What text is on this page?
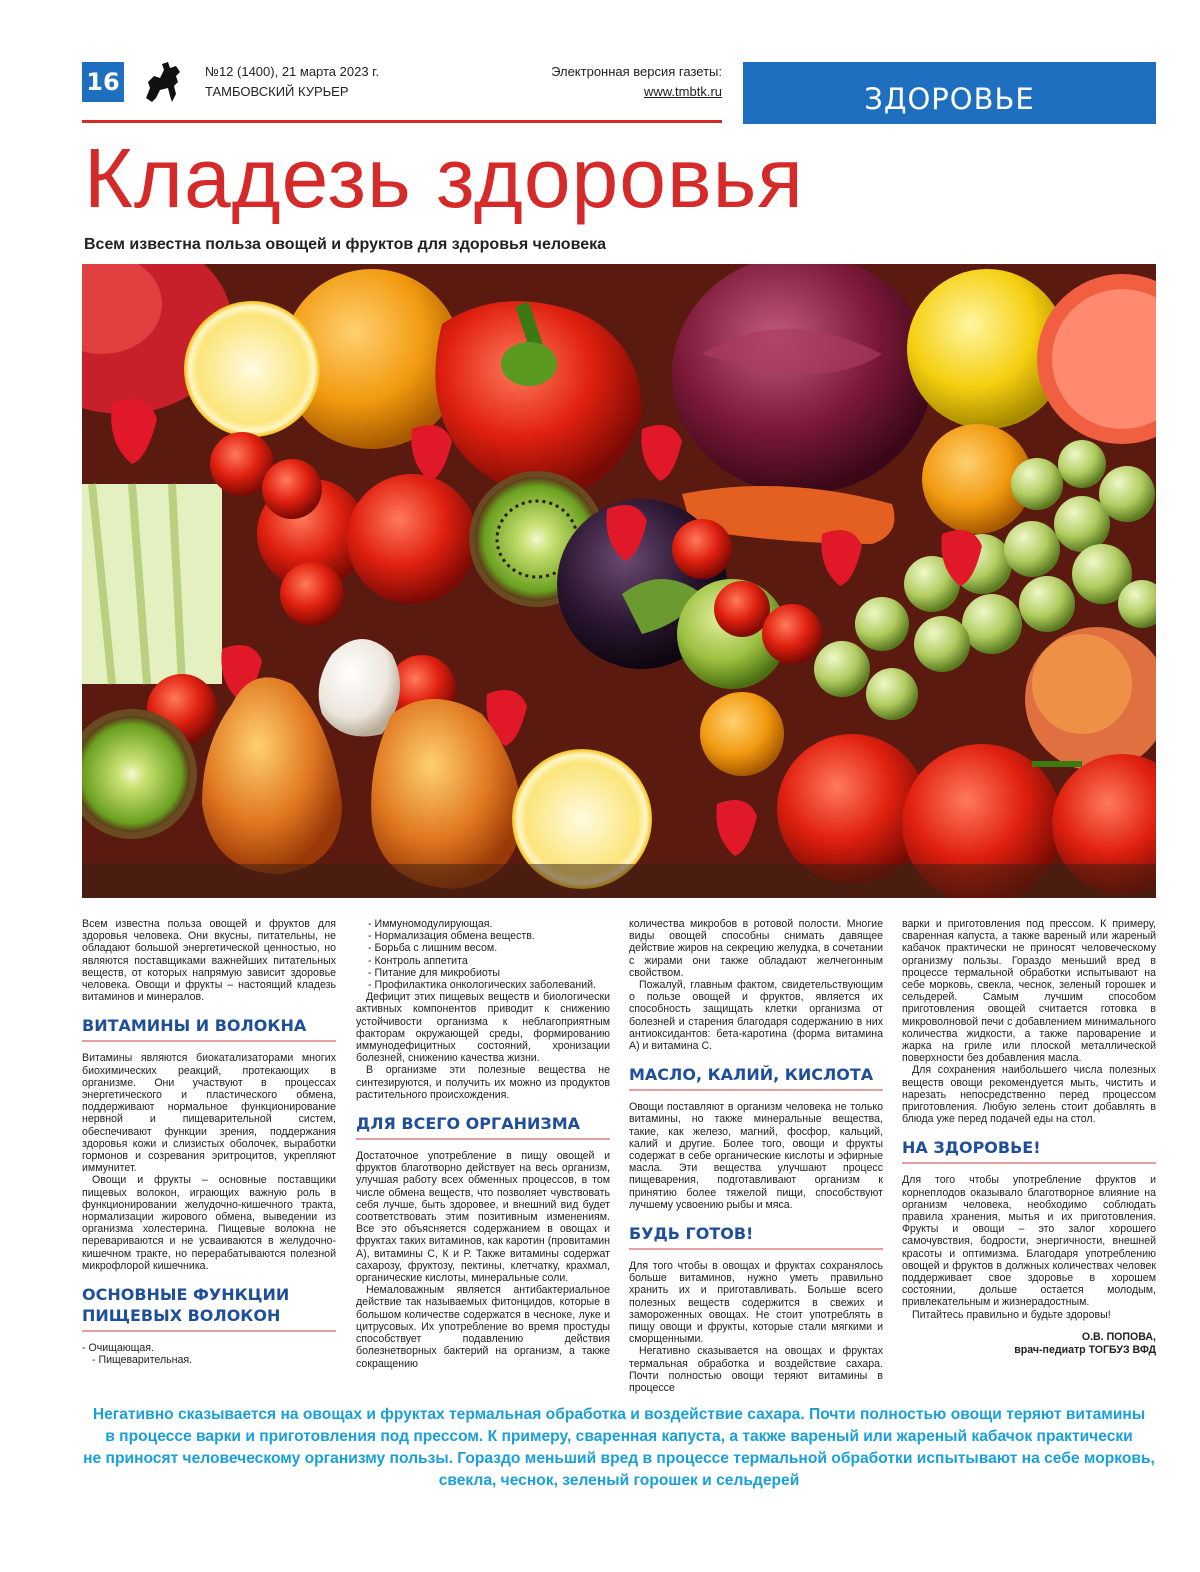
16	№12 (1400), 21 марта 2023 г.
ТАМБОВСКИЙ КУРЬЕР
Электронная версия газеты:
www.tmbtk.ru	ЗДОРОВЬЕ
Кладезь здоровья
Всем известна польза овощей и фруктов для здоровья человека

Всем известна польза овощей и фруктов для здоровья человека. Они вкусны, питательны, не обладают большой энергетической ценностью, но являются поставщиками важнейших питательных веществ, от которых напрямую зависит здоровье человека. Овощи и фрукты – настоящий кладезь витаминов и минералов.

ВИТАМИНЫ И ВОЛОКНА

Витамины являются биокатализаторами многих биохимических реакций, протекающих в организме. Они участвуют в процессах энергетического и пластического обмена, поддерживают нормальное функционирование нервной и пищеварительной систем, обеспечивают функции зрения, поддержания здоровья кожи и слизистых оболочек, выработки гормонов и созревания эритроцитов, укрепляют иммунитет.

Овощи и фрукты – основные поставщики пищевых волокон, играющих важную роль в функционировании желудочно-кишечного тракта, нормализации жирового обмена, выведении из организма холестерина. Пищевые волокна не перевариваются и не усваиваются в желудочно-кишечном тракте, но перерабатываются полезной микрофлорой кишечника.

ОСНОВНЫЕ ФУНКЦИИ ПИЩЕВЫХ ВОЛОКОН

- Очищающая.

- Пищеварительная.

- Иммуномодулирующая.

- Нормализация обмена веществ.

- Борьба с лишним весом.

- Контроль аппетита

- Питание для микробиоты

- Профилактика онкологических заболеваний.

Дефицит этих пищевых веществ и биологически активных компонентов приводит к снижению устойчивости организма к неблагоприятным факторам окружающей среды, формированию иммунодефицитных состояний, хронизации болезней, снижению качества жизни.

В организме эти полезные вещества не синтезируются, и получить их можно из продуктов растительного происхождения.

ДЛЯ ВСЕГО ОРГАНИЗМА

Достаточное употребление в пищу овощей и фруктов благотворно действует на весь организм, улучшая работу всех обменных процессов, в том числе обмена веществ, что позволяет чувствовать себя лучше, быть здоровее, и внешний вид будет соответствовать этим позитивным изменениям. Все это объясняется содержанием в овощах и фруктах таких витаминов, как каротин (провитамин А), витамины С, К и Р. Также витамины содержат сахарозу, фруктозу, пектины, клетчатку, крахмал, органические кислоты, минеральные соли.

Немаловажным является антибактериальное действие так называемых фитонцидов, которые в большом количестве содержатся в чесноке, луке и цитрусовых. Их употребление во время простуды способствует подавлению действия болезнетворных бактерий на организм, а также сокращению

количества микробов в ротовой полости. Многие виды овощей способны снимать давящее действие жиров на секрецию желудка, в сочетании с жирами они также обладают желчегонным свойством.

Пожалуй, главным фактом, свидетельствующим о пользе овощей и фруктов, является их способность защищать клетки организма от болезней и старения благодаря содержанию в них антиоксидантов: бета-каротина (форма витамина А) и витамина С.

МАСЛО, КАЛИЙ, КИСЛОТА

Овощи поставляют в организм человека не только витамины, но также минеральные вещества, такие, как железо, магний, фосфор, кальций, калий и другие. Более того, овощи и фрукты содержат в себе органические кислоты и эфирные масла. Эти вещества улучшают процесс пищеварения, подготавливают организм к принятию более тяжелой пищи, способствуют лучшему усвоению рыбы и мяса.

БУДЬ ГОТОВ!

Для того чтобы в овощах и фруктах сохранялось больше витаминов, нужно уметь правильно хранить их и приготавливать. Больше всего полезных веществ содержится в свежих и замороженных овощах. Не стоит употреблять в пищу овощи и фрукты, которые стали мягкими и сморщенными.

Негативно сказывается на овощах и фруктах термальная обработка и воздействие сахара. Почти полностью овощи теряют витамины в процессе

варки и приготовления под прессом. К примеру, сваренная капуста, а также вареный или жареный кабачок практически не приносят человеческому организму пользы. Гораздо меньший вред в процессе термальной обработки испытывают на себе морковь, свекла, чеснок, зеленый горошек и сельдерей. Самым лучшим способом приготовления овощей считается готовка в микроволновой печи с добавлением минимального количества жидкости, а также пароварение и жарка на гриле или плоской металлической поверхности без добавления масла.

Для сохранения наибольшего числа полезных веществ овощи рекомендуется мыть, чистить и нарезать непосредственно перед процессом приготовления. Любую зелень стоит добавлять в блюда уже перед подачей еды на стол.

НА ЗДОРОВЬЕ!

Для того чтобы употребление фруктов и корнеплодов оказывало благотворное влияние на организм человека, необходимо соблюдать правила хранения, мытья и их приготовления. Фрукты и овощи – это залог хорошего самочувствия, бодрости, энергичности, внешней красоты и оптимизма. Благодаря употреблению овощей и фруктов в должных количествах человек поддерживает свое здоровье в хорошем состоянии, дольше остается молодым, привлекательным и жизнерадостным.

Питайтесь правильно и будьте здоровы!

О.В. ПОПОВА,
врач-педиатр ТОГБУЗ ВФД
Негативно сказывается на овощах и фруктах термальная обработка и воздействие сахара. Почти полностью овощи теряют витамины
в процессе варки и приготовления под прессом. К примеру, сваренная капуста, а также вареный или жареный кабачок практически
не приносят человеческому организму пользы. Гораздо меньший вред в процессе термальной обработки испытывают на себе морковь,
свекла, чеснок, зеленый горошек и сельдерей
